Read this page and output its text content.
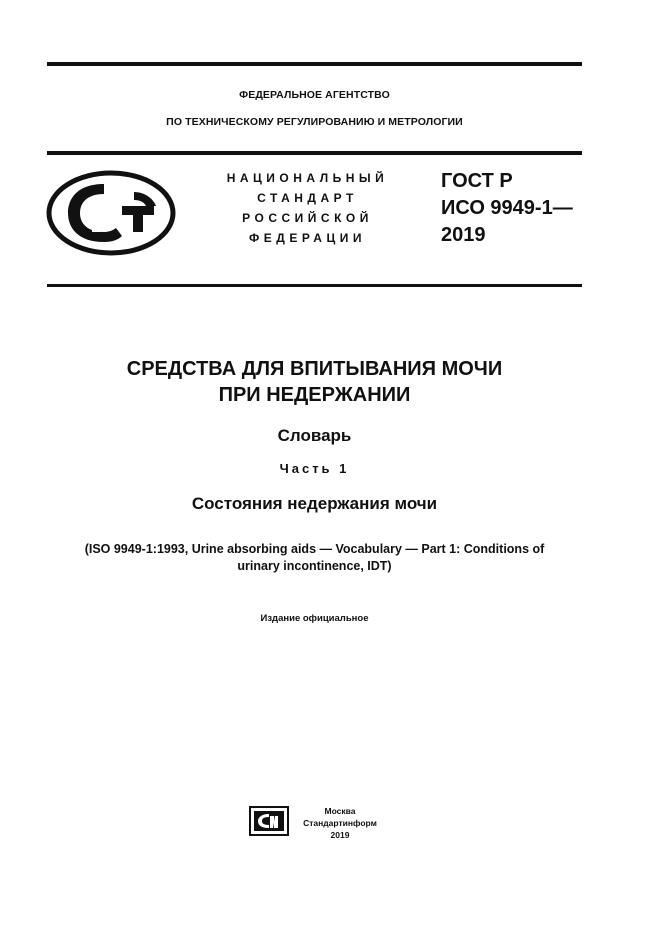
ФЕДЕРАЛЬНОЕ АГЕНТСТВО
ПО ТЕХНИЧЕСКОМУ РЕГУЛИРОВАНИЮ И МЕТРОЛОГИИ
НАЦИОНАЛЬНЫЙ
СТАНДАРТ
РОССИЙСКОЙ
ФЕДЕРАЦИИ
ГОСТ Р
ИСО 9949-1—
2019
СРЕДСТВА ДЛЯ ВПИТЫВАНИЯ МОЧИ
ПРИ НЕДЕРЖАНИИ
Словарь
Часть 1
Состояния недержания мочи
(ISO 9949-1:1993, Urine absorbing aids — Vocabulary — Part 1: Conditions of
urinary incontinence, IDT)
Издание официальное
Москва
Стандартинформ
2019
